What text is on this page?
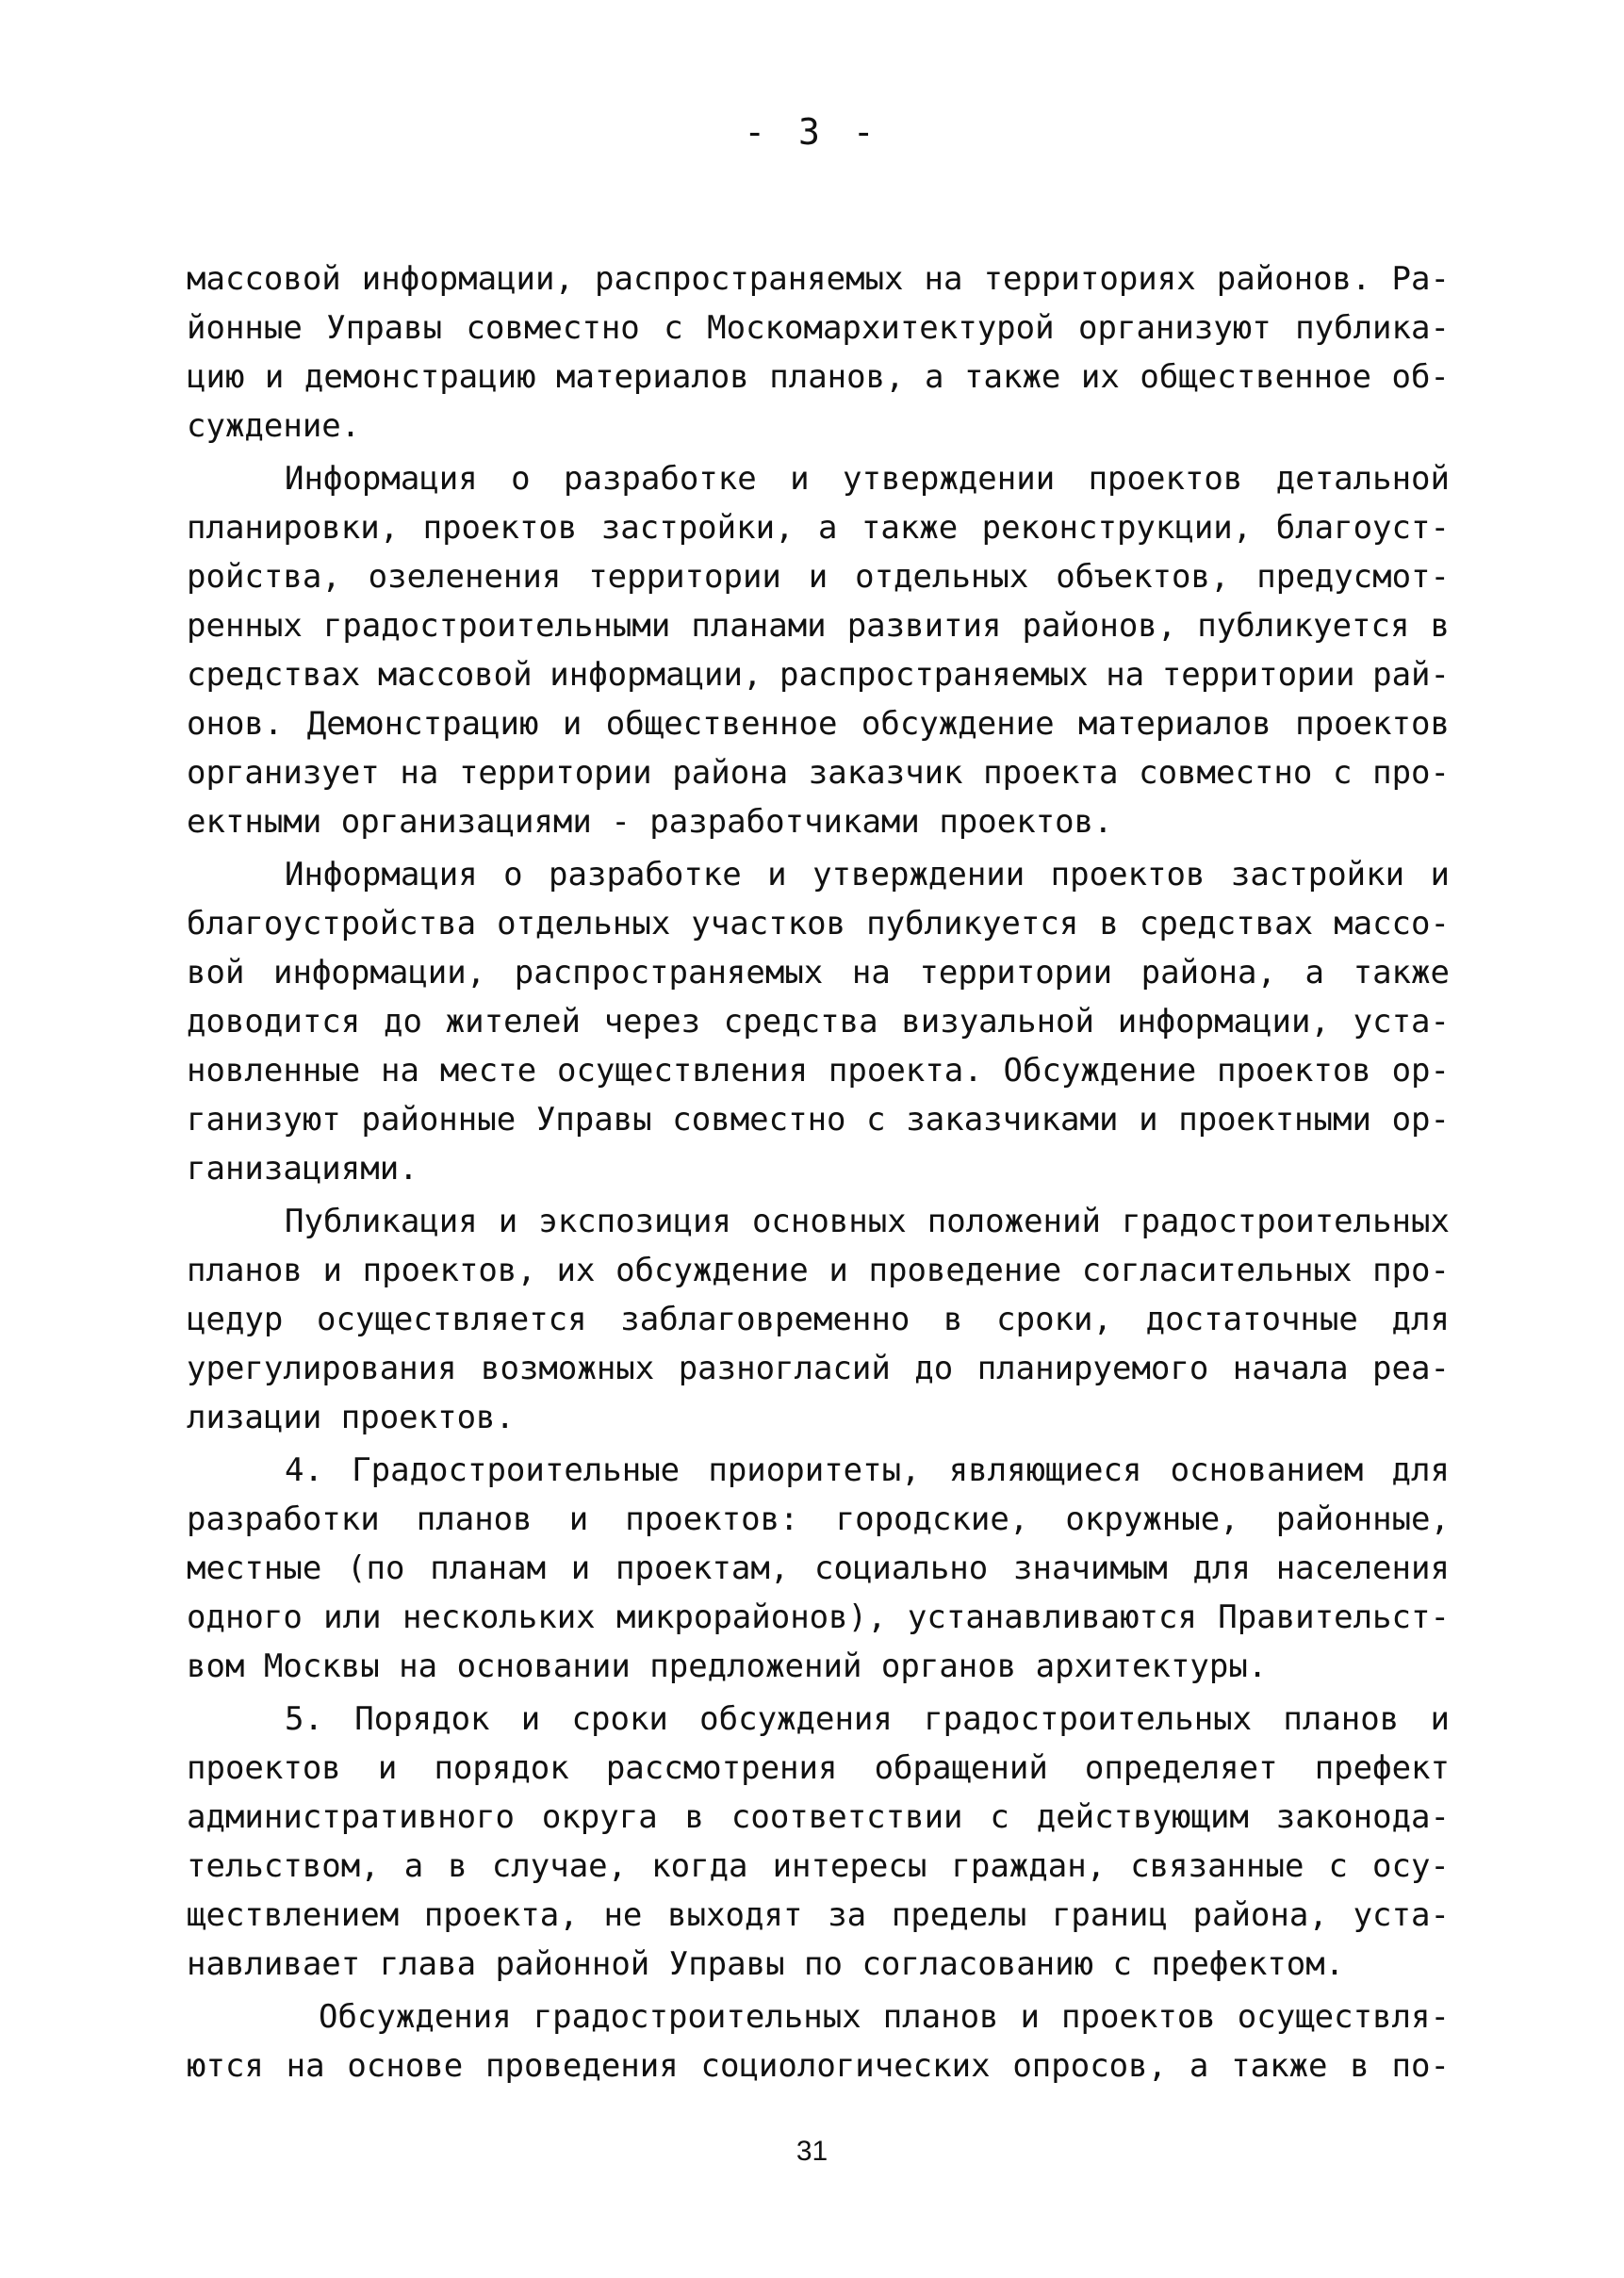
- 3 -
массовой информации, распространяемых на территориях районов. Ра-
йонные Управы совместно с Москомархитектурой организуют публика-
цию и демонстрацию материалов планов, а также их общественное об-
суждение.
Информация о разработке и утверждении проектов детальной
планировки, проектов застройки, а также реконструкции, благоуст-
ройства, озеленения территории и отдельных объектов, предусмот-
ренных градостроительными планами развития районов, публикуется в
средствах массовой информации, распространяемых на территории рай-
онов. Демонстрацию и общественное обсуждение материалов проектов
организует на территории района заказчик проекта совместно с про-
ектными организациями - разработчиками проектов.
Информация о разработке и утверждении проектов застройки и
благоустройства отдельных участков публикуется в средствах массо-
вой информации, распространяемых на территории района, а также
доводится до жителей через средства визуальной информации, уста-
новленные на месте осуществления проекта. Обсуждение проектов ор-
ганизуют районные Управы совместно с заказчиками и проектными ор-
ганизациями.
Публикация и экспозиция основных положений градостроительных
планов и проектов, их обсуждение и проведение согласительных про-
цедур осуществляется заблаговременно в сроки, достаточные для
урегулирования возможных разногласий до планируемого начала реа-
лизации проектов.
4. Градостроительные приоритеты, являющиеся основанием для
разработки планов и проектов: городские, окружные, районные,
местные (по планам и проектам, социально значимым для населения
одного или нескольких микрорайонов), устанавливаются Правительст-
вом Москвы на основании предложений органов архитектуры.
5. Порядок и сроки обсуждения градостроительных планов и
проектов и порядок рассмотрения обращений определяет префект
административного округа в соответствии с действующим законода-
тельством, а в случае, когда интересы граждан, связанные с осу-
ществлением проекта, не выходят за пределы границ района, уста-
навливает глава районной Управы по согласованию с префектом.
Обсуждения градостроительных планов и проектов осуществля-
ются на основе проведения социологических опросов, а также в по-
31
